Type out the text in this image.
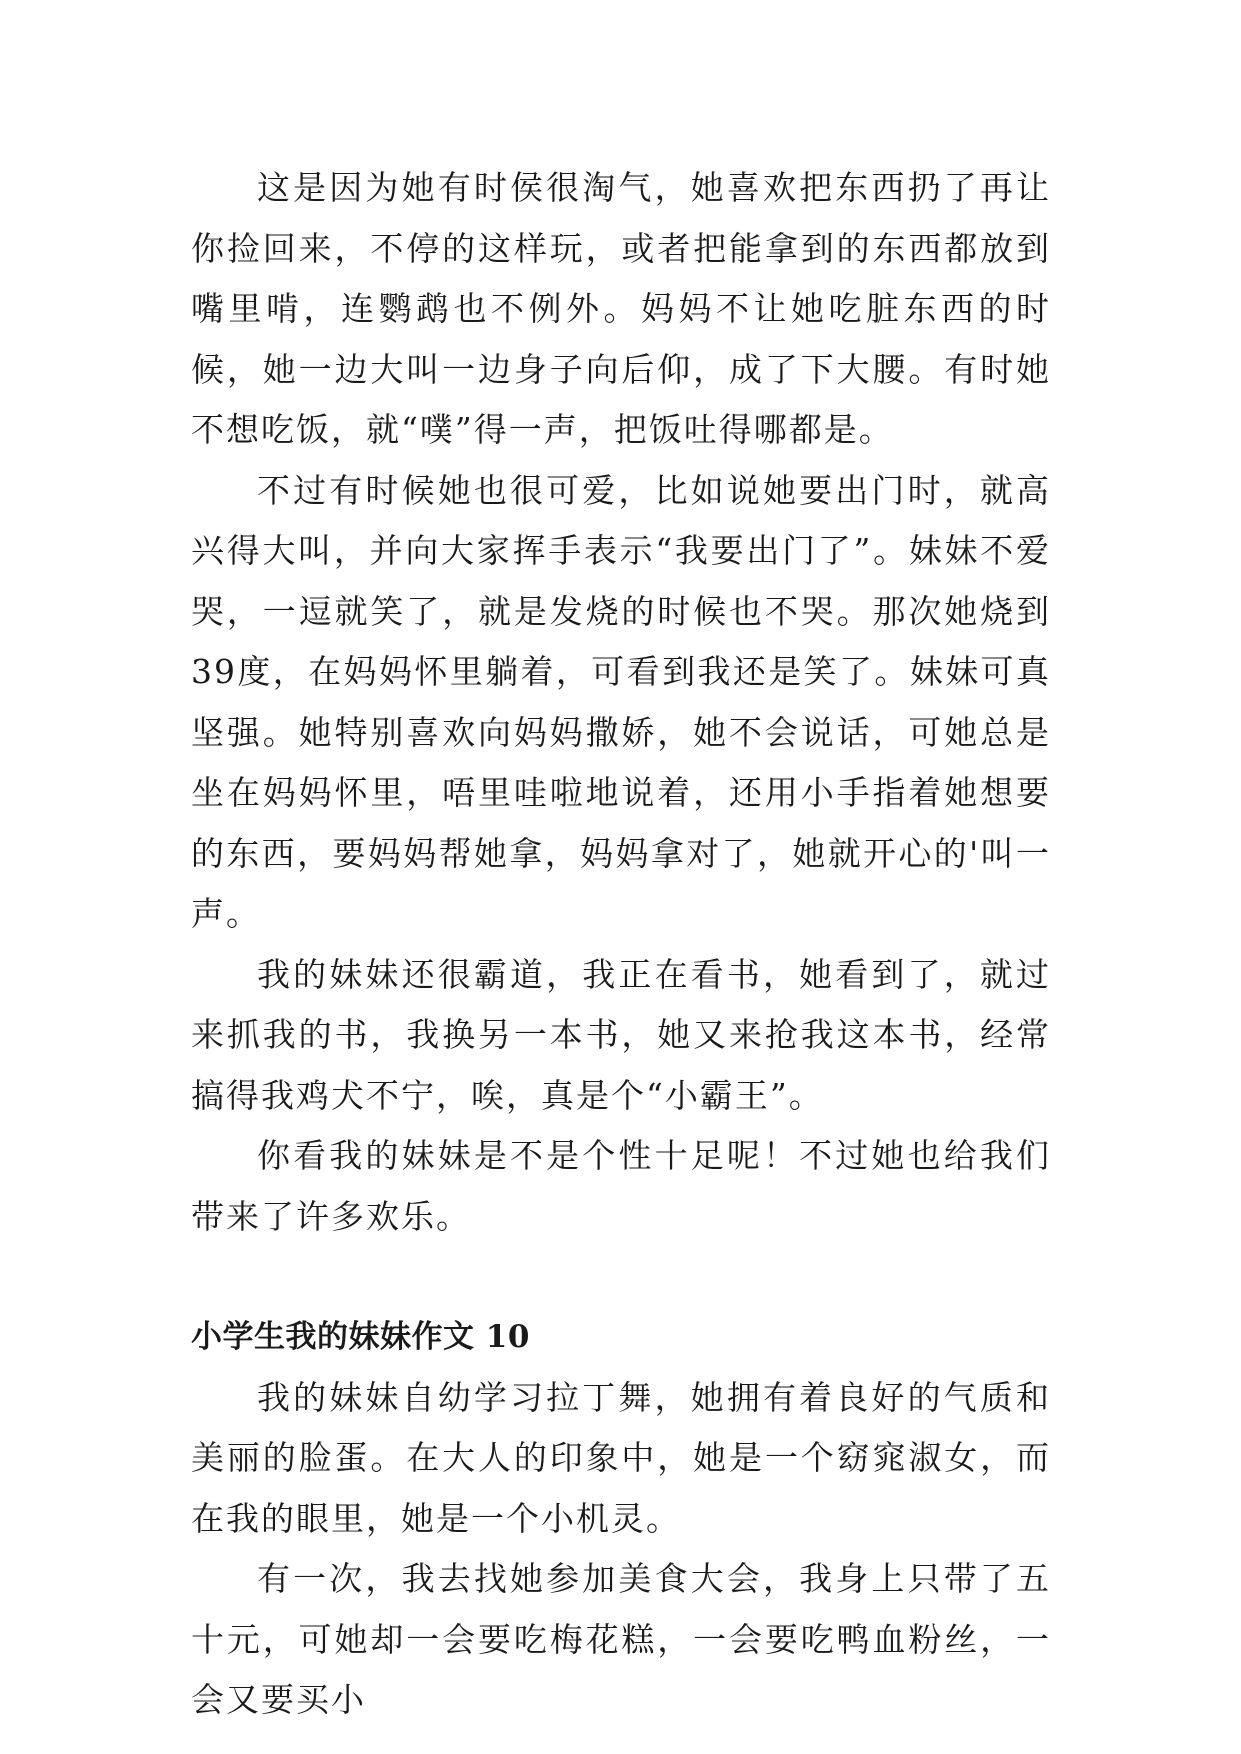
这是因为她有时侯很淘气，她喜欢把东西扔了再让你捡回来，不停的这样玩，或者把能拿到的东西都放到嘴里啃，连鹦鹉也不例外。妈妈不让她吃脏东西的时候，她一边大叫一边身子向后仰，成了下大腰。有时她不想吃饭，就“噗”得一声，把饭吐得哪都是。

不过有时候她也很可爱，比如说她要出门时，就高兴得大叫，并向大家挥手表示“我要出门了”。妹妹不爱哭，一逗就笑了，就是发烧的时候也不哭。那次她烧到39度，在妈妈怀里躺着，可看到我还是笑了。妹妹可真坚强。她特别喜欢向妈妈撒娇，她不会说话，可她总是坐在妈妈怀里，唔里哇啦地说着，还用小手指着她想要的东西，要妈妈帮她拿，妈妈拿对了，她就开心的'叫一声。

我的妹妹还很霸道，我正在看书，她看到了，就过来抓我的书，我换另一本书，她又来抢我这本书，经常搞得我鸡犬不宁，唉，真是个“小霸王”。

你看我的妹妹是不是个性十足呢！不过她也给我们带来了许多欢乐。

小学生我的妹妹作文 10

我的妹妹自幼学习拉丁舞，她拥有着良好的气质和美丽的脸蛋。在大人的印象中，她是一个窈窕淑女，而在我的眼里，她是一个小机灵。

有一次，我去找她参加美食大会，我身上只带了五十元，可她却一会要吃梅花糕，一会要吃鸭血粉丝，一会又要买小
